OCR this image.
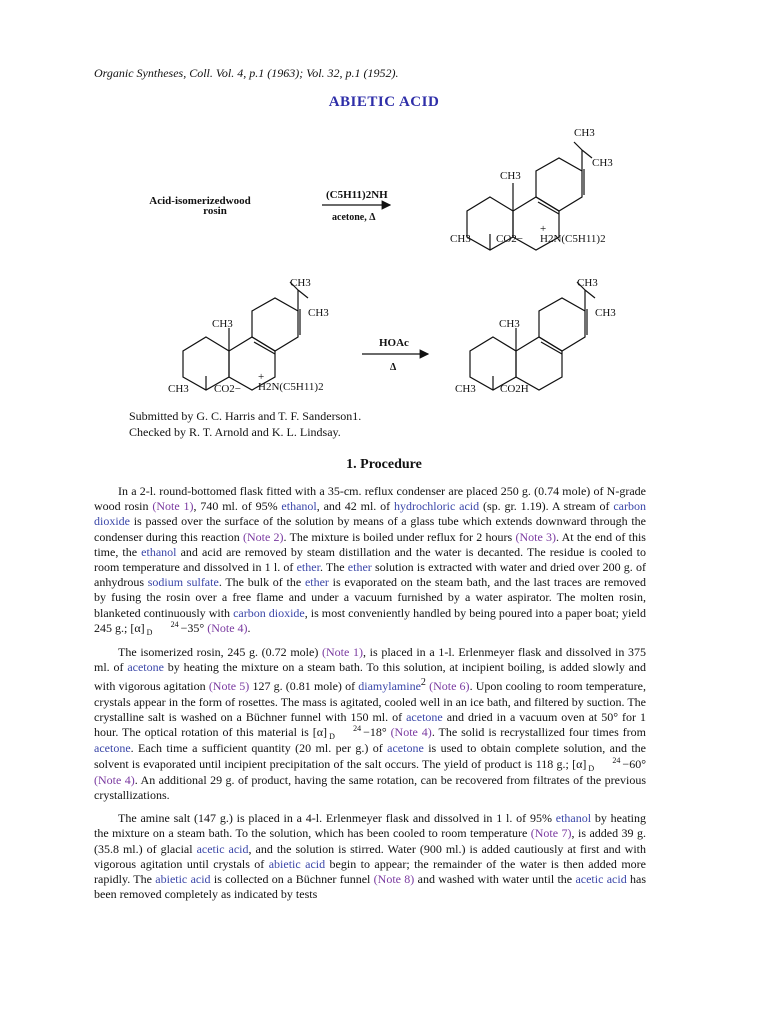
Organic Syntheses, Coll. Vol. 4, p.1 (1963); Vol. 32, p.1 (1952).
ABIETIC ACID
Acid-isomerizedwood
rosin
(C5H11)2NH
acetone, Δ
CH3
CH3
CH3
CH3 CO2−
+
H2N(C5H11)2
CH3
CH3
CH3
CH3 CO2−
+
H2N(C5H11)2
HOAc
Δ
CH3
CH3
CH3
CH3 CO2H

Submitted by G. C. Harris and T. F. Sanderson1.

Checked by R. T. Arnold and K. L. Lindsay.

1. Procedure

In a 2-l. round-bottomed flask fitted with a 35-cm. reflux condenser are placed 250 g. (0.74 mole) of N-grade wood rosin (Note 1), 740 ml. of 95% ethanol, and 42 ml. of hydrochloric acid (sp. gr. 1.19). A stream of carbon dioxide is passed over the surface of the solution by means of a glass tube which extends downward through the condenser during this reaction (Note 2). The mixture is boiled under reflux for 2 hours (Note 3). At the end of this time, the ethanol and acid are removed by steam distillation and the water is decanted. The residue is cooled to room temperature and dissolved in 1 l. of ether. The ether solution is extracted with water and dried over 200 g. of anhydrous sodium sulfate. The bulk of the ether is evaporated on the steam bath, and the last traces are removed by fusing the rosin over a free flame and under a vacuum furnished by a water aspirator. The molten rosin, blanketed continuously with carbon dioxide, is most conveniently handled by being poured into a paper boat; yield 245 g.; [α]	24
D −35° (Note 4).

The isomerized rosin, 245 g. (0.72 mole) (Note 1), is placed in a 1-l. Erlenmeyer flask and dissolved in 375 ml. of acetone by heating the mixture on a steam bath. To this solution, at incipient boiling, is added slowly and with vigorous agitation (Note 5) 127 g. (0.81 mole) of diamylamine$^2$ (Note 6). Upon cooling to room temperature, crystals appear in the form of rosettes. The mass is agitated, cooled well in an ice bath, and filtered by suction. The crystalline salt is washed on a Büchner funnel with 150 ml. of acetone and dried in a vacuum oven at 50° for 1 hour. The optical rotation of this material is [α]	24
D −18° (Note 4). The solid is recrystallized four times from acetone. Each time a sufficient quantity (20 ml. per g.) of acetone is used to obtain complete solution, and the solvent is evaporated until incipient precipitation of the salt occurs. The yield of product is 118 g.; [α]	24
D −60° (Note 4). An additional 29 g. of product, having the same rotation, can be recovered from filtrates of the previous crystallizations.

The amine salt (147 g.) is placed in a 4-l. Erlenmeyer flask and dissolved in 1 l. of 95% ethanol by heating the mixture on a steam bath. To the solution, which has been cooled to room temperature (Note 7), is added 39 g. (35.8 ml.) of glacial acetic acid, and the solution is stirred. Water (900 ml.) is added cautiously at first and with vigorous agitation until crystals of abietic acid begin to appear; the remainder of the water is then added more rapidly. The abietic acid is collected on a Büchner funnel (Note 8) and washed with water until the acetic acid has been removed completely as indicated by tests
